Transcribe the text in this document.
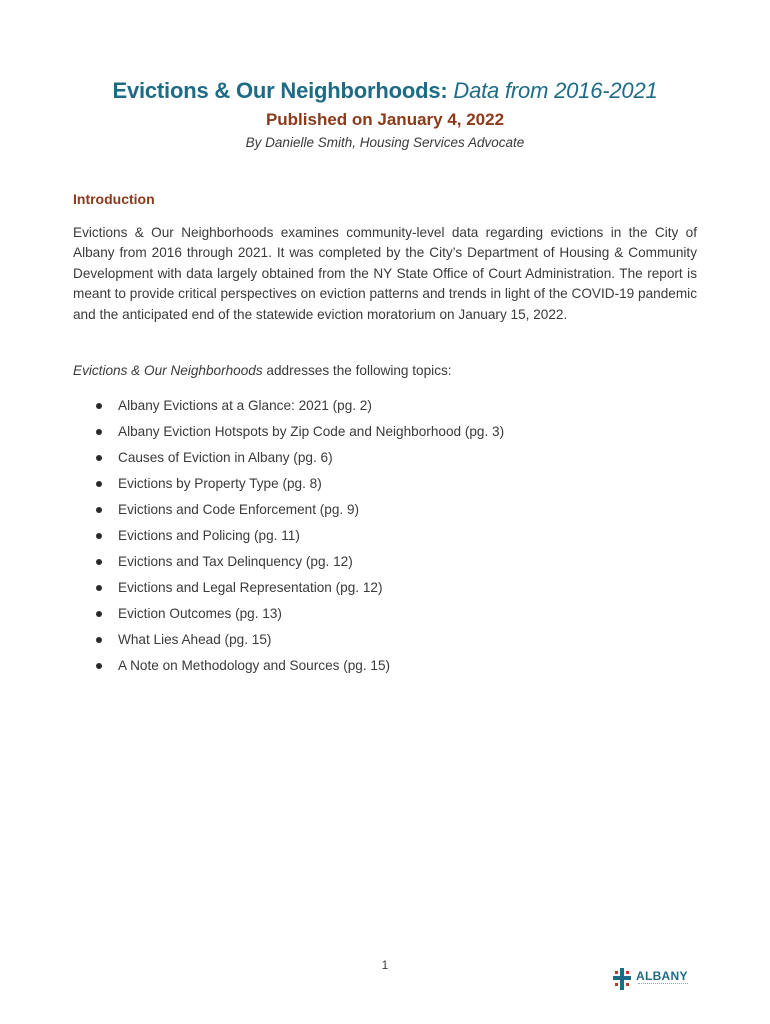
Evictions & Our Neighborhoods: Data from 2016-2021
Published on January 4, 2022
By Danielle Smith, Housing Services Advocate
Introduction
Evictions & Our Neighborhoods examines community-level data regarding evictions in the City of Albany from 2016 through 2021. It was completed by the City’s Department of Housing & Community Development with data largely obtained from the NY State Office of Court Administration. The report is meant to provide critical perspectives on eviction patterns and trends in light of the COVID-19 pandemic and the anticipated end of the statewide eviction moratorium on January 15, 2022.
Evictions & Our Neighborhoods addresses the following topics:
Albany Evictions at a Glance: 2021 (pg. 2)
Albany Eviction Hotspots by Zip Code and Neighborhood (pg. 3)
Causes of Eviction in Albany (pg. 6)
Evictions by Property Type (pg. 8)
Evictions and Code Enforcement (pg. 9)
Evictions and Policing (pg. 11)
Evictions and Tax Delinquency (pg. 12)
Evictions and Legal Representation (pg. 12)
Eviction Outcomes (pg. 13)
What Lies Ahead (pg. 15)
A Note on Methodology and Sources (pg. 15)
1
ALBANY
